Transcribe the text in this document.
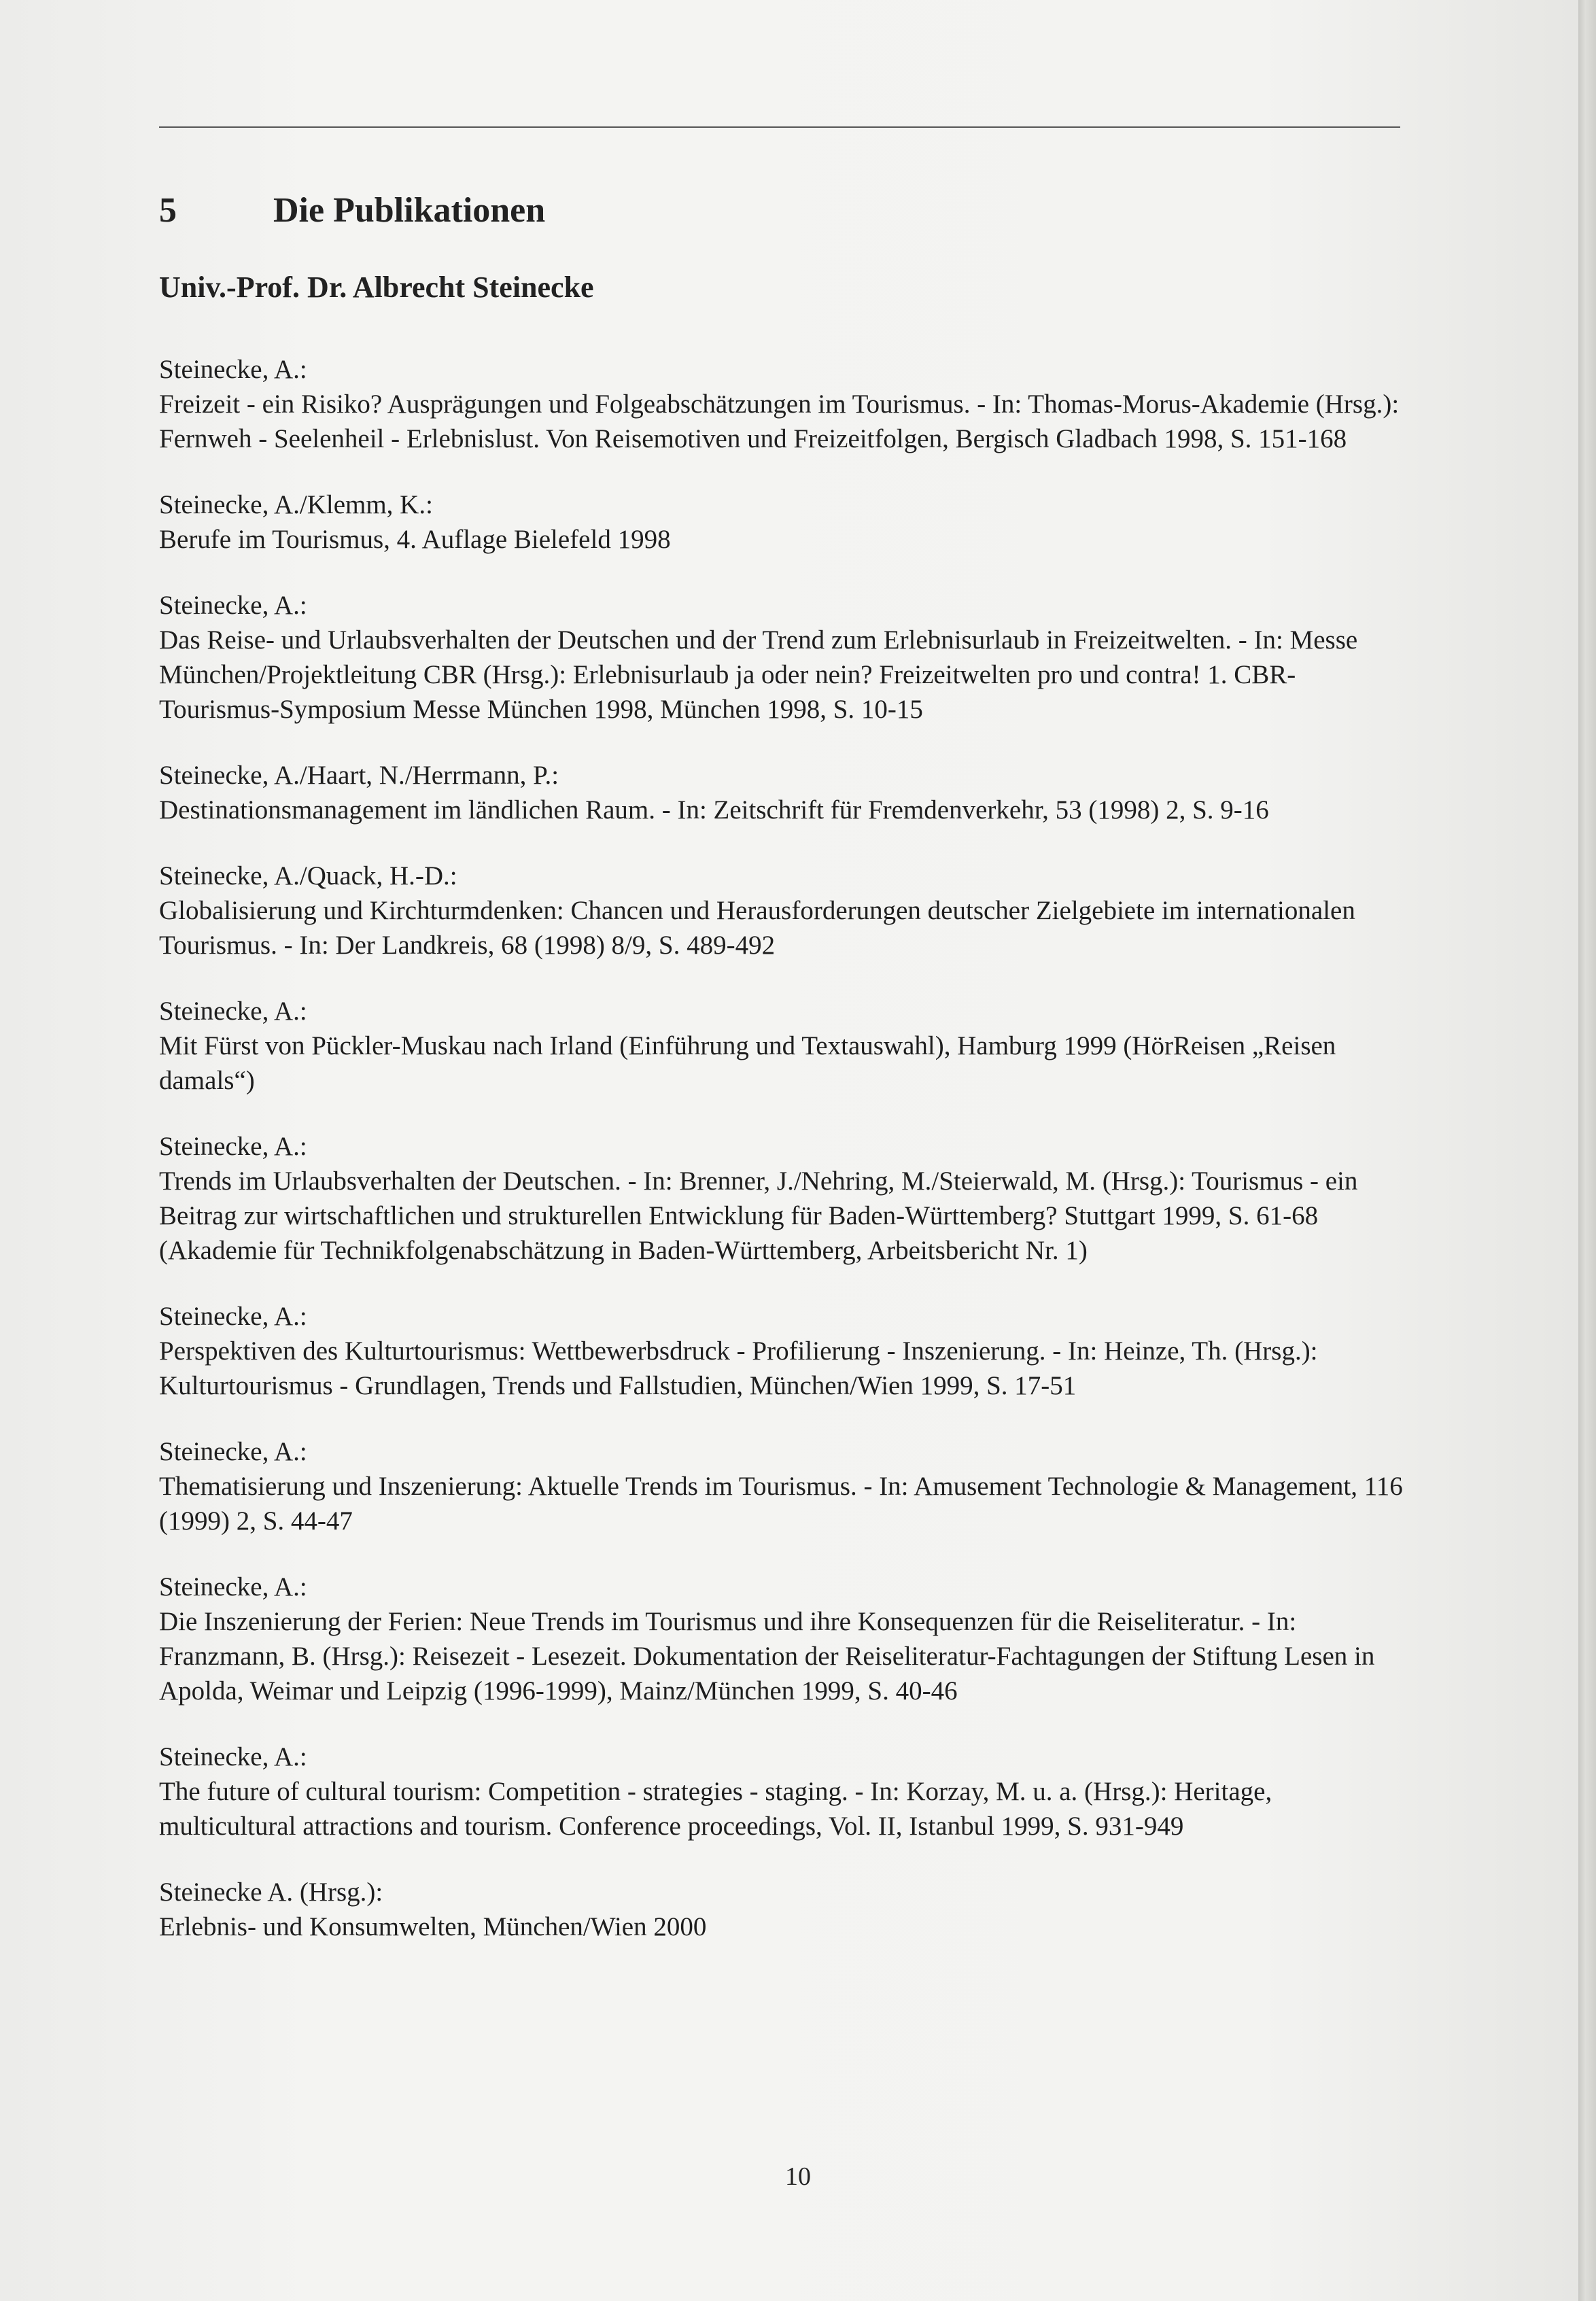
5	Die Publikationen
Univ.-Prof. Dr. Albrecht Steinecke

Steinecke, A.:
Freizeit - ein Risiko? Ausprägungen und Folgeabschätzungen im Tourismus. - In: Thomas-Morus-Akademie (Hrsg.): Fernweh - Seelenheil - Erlebnislust. Von Reisemotiven und Freizeitfolgen, Bergisch Gladbach 1998, S. 151-168

Steinecke, A./Klemm, K.:
Berufe im Tourismus, 4. Auflage Bielefeld 1998

Steinecke, A.:
Das Reise- und Urlaubsverhalten der Deutschen und der Trend zum Erlebnisurlaub in Freizeitwelten. - In: Messe München/Projektleitung CBR (Hrsg.): Erlebnisurlaub ja oder nein? Freizeitwelten pro und contra! 1. CBR-Tourismus-Symposium Messe München 1998, München 1998, S. 10-15

Steinecke, A./Haart, N./Herrmann, P.:
Destinationsmanagement im ländlichen Raum. - In: Zeitschrift für Fremdenverkehr, 53 (1998) 2, S. 9-16

Steinecke, A./Quack, H.-D.:
Globalisierung und Kirchturmdenken: Chancen und Herausforderungen deutscher Zielgebiete im internationalen Tourismus. - In: Der Landkreis, 68 (1998) 8/9, S. 489-492

Steinecke, A.:
Mit Fürst von Pückler-Muskau nach Irland (Einführung und Textauswahl), Hamburg 1999 (HörReisen „Reisen damals“)

Steinecke, A.:
Trends im Urlaubsverhalten der Deutschen. - In: Brenner, J./Nehring, M./Steierwald, M. (Hrsg.): Tourismus - ein Beitrag zur wirtschaftlichen und strukturellen Entwicklung für Baden-Württemberg? Stuttgart 1999, S. 61-68 (Akademie für Technikfolgenabschätzung in Baden-Württemberg, Arbeitsbericht Nr. 1)

Steinecke, A.:
Perspektiven des Kulturtourismus: Wettbewerbsdruck - Profilierung - Inszenierung. - In: Heinze, Th. (Hrsg.): Kulturtourismus - Grundlagen, Trends und Fallstudien, München/Wien 1999, S. 17-51

Steinecke, A.:
Thematisierung und Inszenierung: Aktuelle Trends im Tourismus. - In: Amusement Technologie & Management, 116 (1999) 2, S. 44-47

Steinecke, A.:
Die Inszenierung der Ferien: Neue Trends im Tourismus und ihre Konsequenzen für die Reiseliteratur. - In: Franzmann, B. (Hrsg.): Reisezeit - Lesezeit. Dokumentation der Reiseliteratur-Fachtagungen der Stiftung Lesen in Apolda, Weimar und Leipzig (1996-1999), Mainz/München 1999, S. 40-46

Steinecke, A.:
The future of cultural tourism: Competition - strategies - staging. - In: Korzay, M. u. a. (Hrsg.): Heritage, multicultural attractions and tourism. Conference proceedings, Vol. II, Istanbul 1999, S. 931-949

Steinecke A. (Hrsg.):
Erlebnis- und Konsumwelten, München/Wien 2000

10
